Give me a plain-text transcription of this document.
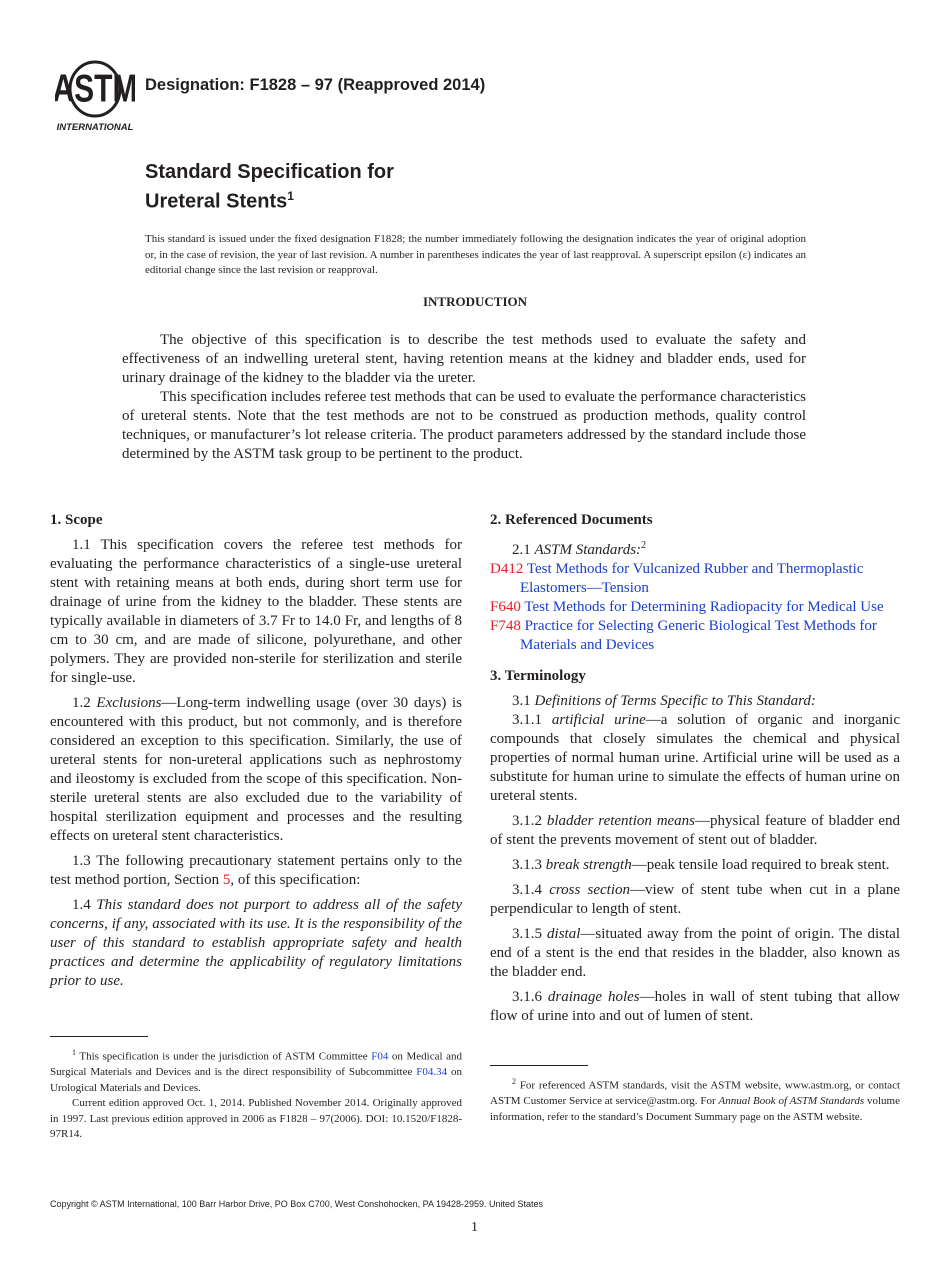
ASTM
INTERNATIONAL
Designation: F1828 – 97 (Reapproved 2014)
Standard Specification for
Ureteral Stents$^1$
This standard is issued under the fixed designation F1828; the number immediately following the designation indicates the year of original adoption or, in the case of revision, the year of last revision. A number in parentheses indicates the year of last reapproval. A superscript epsilon (ε) indicates an editorial change since the last revision or reapproval.
INTRODUCTION

The objective of this specification is to describe the test methods used to evaluate the safety and effectiveness of an indwelling ureteral stent, having retention means at the kidney and bladder ends, used for urinary drainage of the kidney to the bladder via the ureter.

This specification includes referee test methods that can be used to evaluate the performance characteristics of ureteral stents. Note that the test methods are not to be construed as production methods, quality control techniques, or manufacturer’s lot release criteria. The product parameters addressed by the standard include those determined by the ASTM task group to be pertinent to the product.

1. Scope

1.1 This specification covers the referee test methods for evaluating the performance characteristics of a single-use ureteral stent with retaining means at both ends, during short term use for drainage of urine from the kidney to the bladder. These stents are typically available in diameters of 3.7 Fr to 14.0 Fr, and lengths of 8 cm to 30 cm, and are made of silicone, polyurethane, and other polymers. They are provided non-sterile for sterilization and sterile for single-use.

1.2 Exclusions—Long-term indwelling usage (over 30 days) is encountered with this product, but not commonly, and is therefore considered an exception to this specification. Similarly, the use of ureteral stents for non-ureteral applications such as nephrostomy and ileostomy is excluded from the scope of this specification. Non-sterile ureteral stents are also excluded due to the variability of hospital sterilization equipment and processes and the resulting effects on ureteral stent characteristics.

1.3 The following precautionary statement pertains only to the test method portion, Section 5, of this specification:

1.4 This standard does not purport to address all of the safety concerns, if any, associated with its use. It is the responsibility of the user of this standard to establish appropriate safety and health practices and determine the applicability of regulatory limitations prior to use.

2. Referenced Documents

2.1 ASTM Standards:$^2$

D412 Test Methods for Vulcanized Rubber and Thermoplastic Elastomers—Tension
F640 Test Methods for Determining Radiopacity for Medical Use
F748 Practice for Selecting Generic Biological Test Methods for Materials and Devices
3. Terminology

3.1 Definitions of Terms Specific to This Standard:

3.1.1 artificial urine—a solution of organic and inorganic compounds that closely simulates the chemical and physical properties of normal human urine. Artificial urine will be used as a substitute for human urine to simulate the effects of human urine on ureteral stents.

3.1.2 bladder retention means—physical feature of bladder end of stent the prevents movement of stent out of bladder.

3.1.3 break strength—peak tensile load required to break stent.

3.1.4 cross section—view of stent tube when cut in a plane perpendicular to length of stent.

3.1.5 distal—situated away from the point of origin. The distal end of a stent is the end that resides in the bladder, also known as the bladder end.

3.1.6 drainage holes—holes in wall of stent tubing that allow flow of urine into and out of lumen of stent.

$^1$ This specification is under the jurisdiction of ASTM Committee F04 on Medical and Surgical Materials and Devices and is the direct responsibility of Subcommittee F04.34 on Urological Materials and Devices.

Current edition approved Oct. 1, 2014. Published November 2014. Originally approved in 1997. Last previous edition approved in 2006 as F1828 – 97(2006). DOI: 10.1520/F1828-97R14.

$^2$ For referenced ASTM standards, visit the ASTM website, www.astm.org, or contact ASTM Customer Service at service@astm.org. For Annual Book of ASTM Standards volume information, refer to the standard’s Document Summary page on the ASTM website.

Copyright © ASTM International, 100 Barr Harbor Drive, PO Box C700, West Conshohocken, PA 19428-2959. United States
1
